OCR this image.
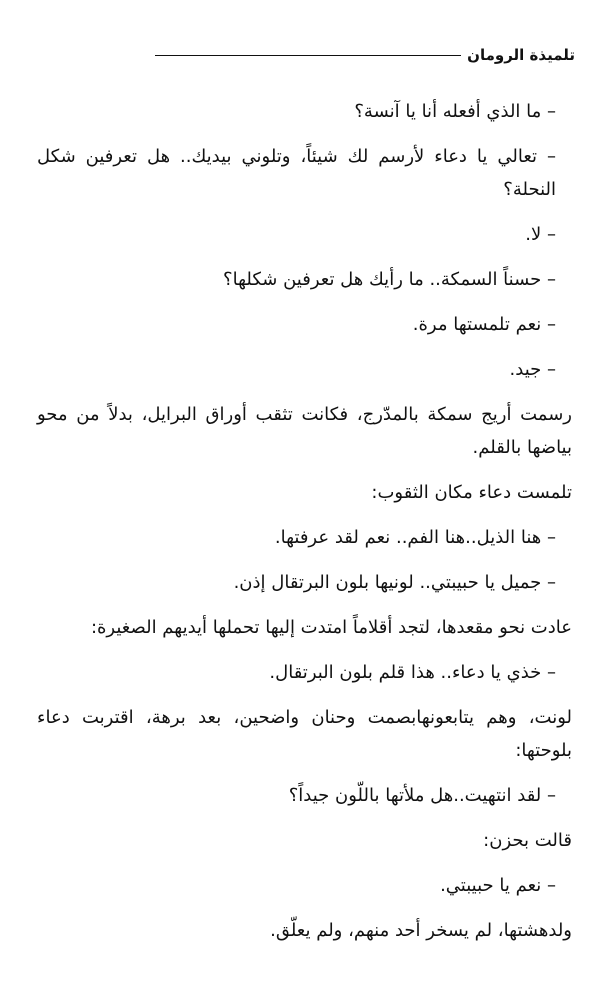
تلميذة الرومان

– ما الذي أفعله أنا يا آنسة؟

– تعالي يا دعاء لأرسم لك شيئاً، وتلوني بيديك.. هل تعرفين شكل النحلة؟

– لا.

– حسناً السمكة.. ما رأيك هل تعرفين شكلها؟

– نعم تلمستها مرة.

– جيد.

رسمت أريج سمكة بالمدّرج، فكانت تثقب أوراق البرايل، بدلاً من محو بياضها بالقلم.

تلمست دعاء مكان الثقوب:

– هنا الذيل..هنا الفم.. نعم لقد عرفتها.

– جميل يا حبيبتي.. لونيها بلون البرتقال إذن.

عادت نحو مقعدها، لتجد أقلاماً امتدت إليها تحملها أيديهم الصغيرة:

– خذي يا دعاء.. هذا قلم بلون البرتقال.

لونت، وهم يتابعونهابصمت وحنان واضحين، بعد برهة، اقتربت دعاء بلوحتها:

– لقد انتهيت..هل ملأتها باللّون جيداً؟

قالت بحزن:

– نعم يا حبيبتي.

ولدهشتها، لم يسخر أحد منهم، ولم يعلّق.
